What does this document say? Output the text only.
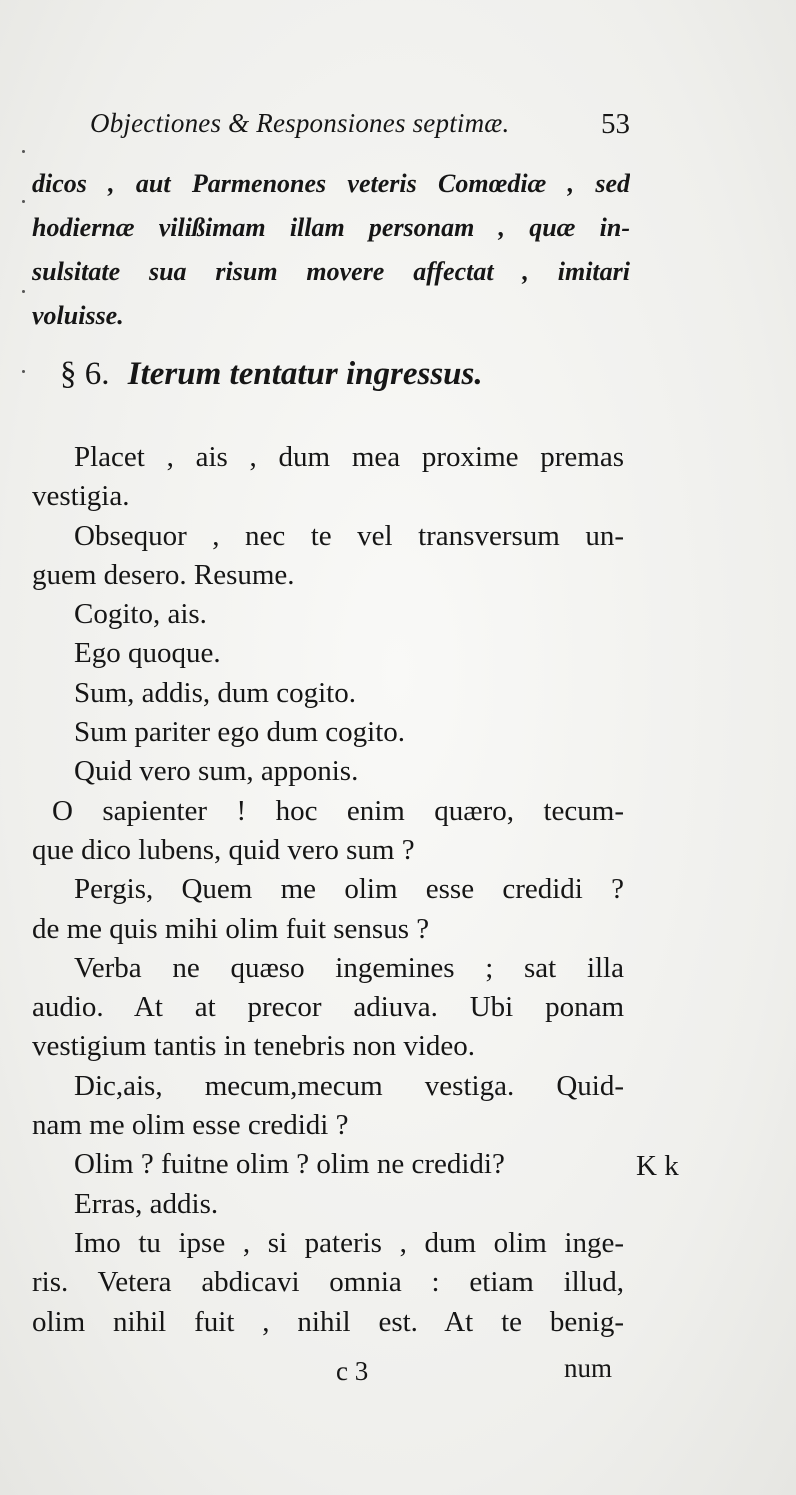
Objectiones & Responsiones septimæ.	53
dicos , aut Parmenones veteris Comœdiæ , sed
hodiernæ vilißimam illam personam , quæ in-
sulsitate sua risum movere affectat , imitari
voluisse.
§ 6. Iterum tentatur ingressus.
Placet , ais , dum mea proxime premas
vestigia.
Obsequor , nec te vel transversum un-
guem desero. Resume.
Cogito, ais.
Ego quoque.
Sum, addis, dum cogito.
Sum pariter ego dum cogito.
Quid vero sum, apponis.
O sapienter ! hoc enim quæro, tecum-
que dico lubens, quid vero sum ?
Pergis, Quem me olim esse credidi ?
de me quis mihi olim fuit sensus ?
Verba ne quæso ingemines ; sat illa
audio. At at precor adiuva. Ubi ponam
vestigium tantis in tenebris non video.
Dic,ais, mecum,mecum vestiga. Quid-
nam me olim esse credidi ?
Olim ? fuitne olim ? olim ne credidi?
Erras, addis.
Imo tu ipse , si pateris , dum olim inge-
ris. Vetera abdicavi omnia : etiam illud,
olim nihil fuit , nihil est. At te benig-
K k
c 3	num
